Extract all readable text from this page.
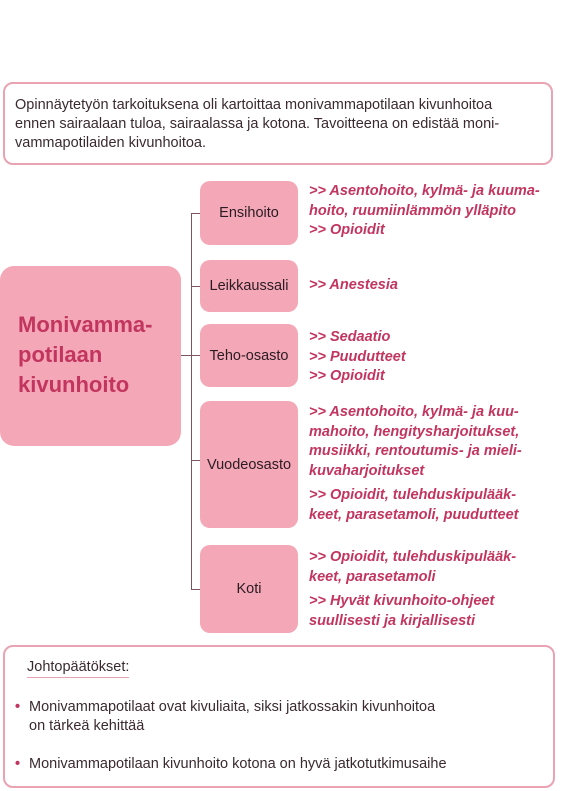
Opinnäytetyön tarkoituksena oli kartoittaa monivammapotilaan kivunhoitoa
ennen sairaalaan tuloa, sairaalassa ja kotona. Tavoitteena on edistää moni-
vammapotilaiden kivunhoitoa.
Monivamma-
potilaan
kivunhoito
Ensihoito
>> Asentohoito, kylmä- ja kuuma-
hoito, ruumiinlämmön ylläpito
>> Opioidit
Leikkaussali >> Anestesia
Teho-osasto
>> Sedaatio
>> Puudutteet
>> Opioidit
Vuodeosasto
>> Asentohoito, kylmä- ja kuu-
mahoito, hengitysharjoitukset,
musiikki, rentoutumis- ja mieli-
kuvaharjoitukset
>> Opioidit, tulehduskipulääk-
keet, parasetamoli, puudutteet
Koti
>> Opioidit, tulehduskipulääk-
keet, parasetamoli
>> Hyvät kivunhoito-ohjeet
suullisesti ja kirjallisesti
Johtopäätökset:
• Monivammapotilaat ovat kivuliaita, siksi jatkossakin kivunhoitoa
on tärkeä kehittää
• Monivammapotilaan kivunhoito kotona on hyvä jatkotutkimusaihe
